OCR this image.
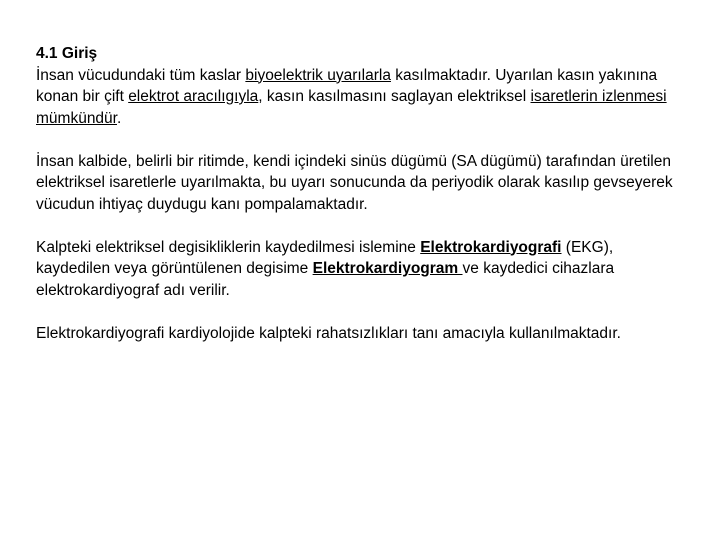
4.1 Giriş

İnsan vücudundaki tüm kaslar biyoelektrik uyarılarla kasılmaktadır. Uyarılan kasın yakınına konan bir çift elektrot aracılıgıyla, kasın kasılmasını saglayan elektriksel isaretlerin izlenmesi mümkündür.

İnsan kalbide, belirli bir ritimde, kendi içindeki sinüs dügümü (SA dügümü) tarafından üretilen elektriksel isaretlerle uyarılmakta, bu uyarı sonucunda da periyodik olarak kasılıp gevseyerek vücudun ihtiyaç duydugu kanı pompalamaktadır.

Kalpteki elektriksel degisikliklerin kaydedilmesi islemine Elektrokardiyografi (EKG), kaydedilen veya görüntülenen degisime Elektrokardiyogram ve kaydedici cihazlara elektrokardiyograf adı verilir.

Elektrokardiyografi kardiyolojide kalpteki rahatsızlıkları tanı amacıyla kullanılmaktadır.
